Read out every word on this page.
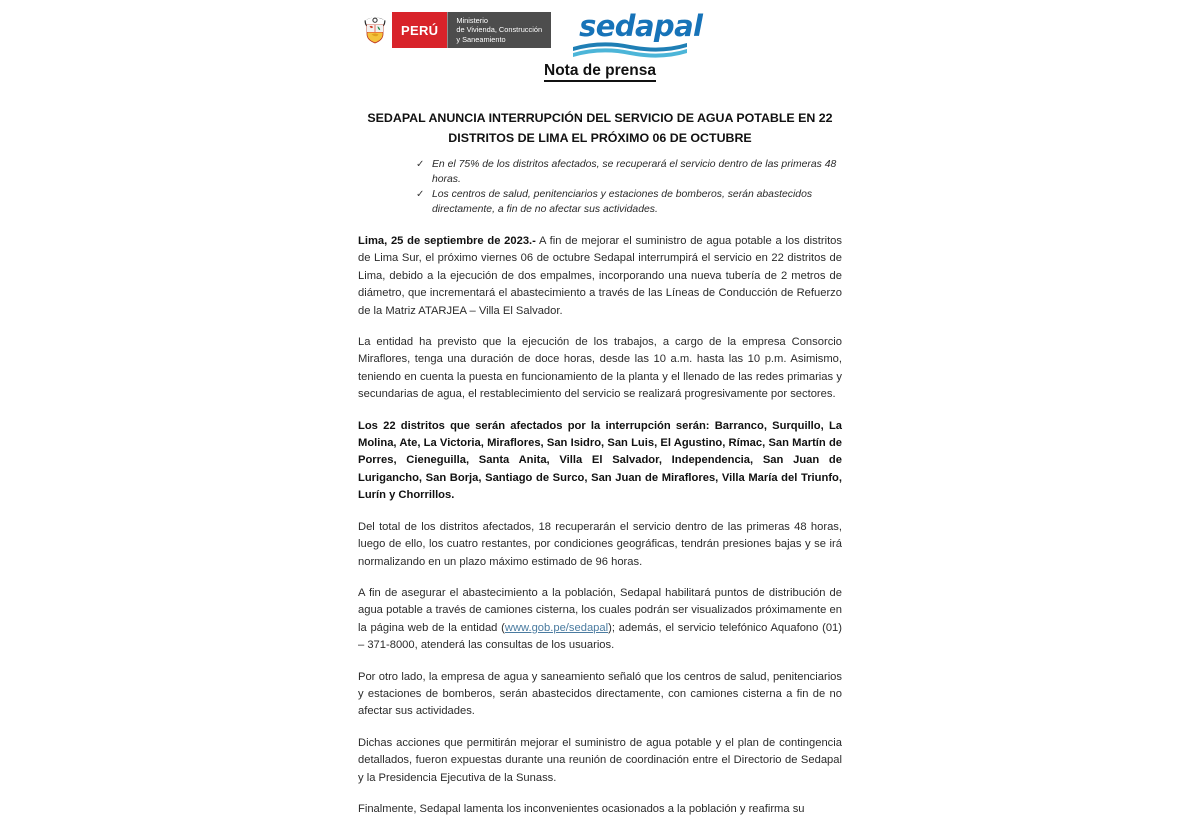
PERÚ
Ministerio
de Vivienda, Construcción
y Saneamiento	sedapal
Nota de prensa
SEDAPAL ANUNCIA INTERRUPCIÓN DEL SERVICIO DE AGUA POTABLE EN 22 DISTRITOS DE LIMA EL PRÓXIMO 06 DE OCTUBRE
✓ En el 75% de los distritos afectados, se recuperará el servicio dentro de las primeras 48 horas.
✓ Los centros de salud, penitenciarios y estaciones de bomberos, serán abastecidos directamente, a fin de no afectar sus actividades.

Lima, 25 de septiembre de 2023.- A fin de mejorar el suministro de agua potable a los distritos de Lima Sur, el próximo viernes 06 de octubre Sedapal interrumpirá el servicio en 22 distritos de Lima, debido a la ejecución de dos empalmes, incorporando una nueva tubería de 2 metros de diámetro, que incrementará el abastecimiento a través de las Líneas de Conducción de Refuerzo de la Matriz ATARJEA – Villa El Salvador.

La entidad ha previsto que la ejecución de los trabajos, a cargo de la empresa Consorcio Miraflores, tenga una duración de doce horas, desde las 10 a.m. hasta las 10 p.m. Asimismo, teniendo en cuenta la puesta en funcionamiento de la planta y el llenado de las redes primarias y secundarias de agua, el restablecimiento del servicio se realizará progresivamente por sectores.

Los 22 distritos que serán afectados por la interrupción serán: Barranco, Surquillo, La Molina, Ate, La Victoria, Miraflores, San Isidro, San Luis, El Agustino, Rímac, San Martín de Porres, Cieneguilla, Santa Anita, Villa El Salvador, Independencia, San Juan de Lurigancho, San Borja, Santiago de Surco, San Juan de Miraflores, Villa María del Triunfo, Lurín y Chorrillos.

Del total de los distritos afectados, 18 recuperarán el servicio dentro de las primeras 48 horas, luego de ello, los cuatro restantes, por condiciones geográficas, tendrán presiones bajas y se irá normalizando en un plazo máximo estimado de 96 horas.

A fin de asegurar el abastecimiento a la población, Sedapal habilitará puntos de distribución de agua potable a través de camiones cisterna, los cuales podrán ser visualizados próximamente en la página web de la entidad (www.gob.pe/sedapal); además, el servicio telefónico Aquafono (01) – 371-8000, atenderá las consultas de los usuarios.

Por otro lado, la empresa de agua y saneamiento señaló que los centros de salud, penitenciarios y estaciones de bomberos, serán abastecidos directamente, con camiones cisterna a fin de no afectar sus actividades.

Dichas acciones que permitirán mejorar el suministro de agua potable y el plan de contingencia detallados, fueron expuestas durante una reunión de coordinación entre el Directorio de Sedapal y la Presidencia Ejecutiva de la Sunass.

Finalmente, Sedapal lamenta los inconvenientes ocasionados a la población y reafirma su
